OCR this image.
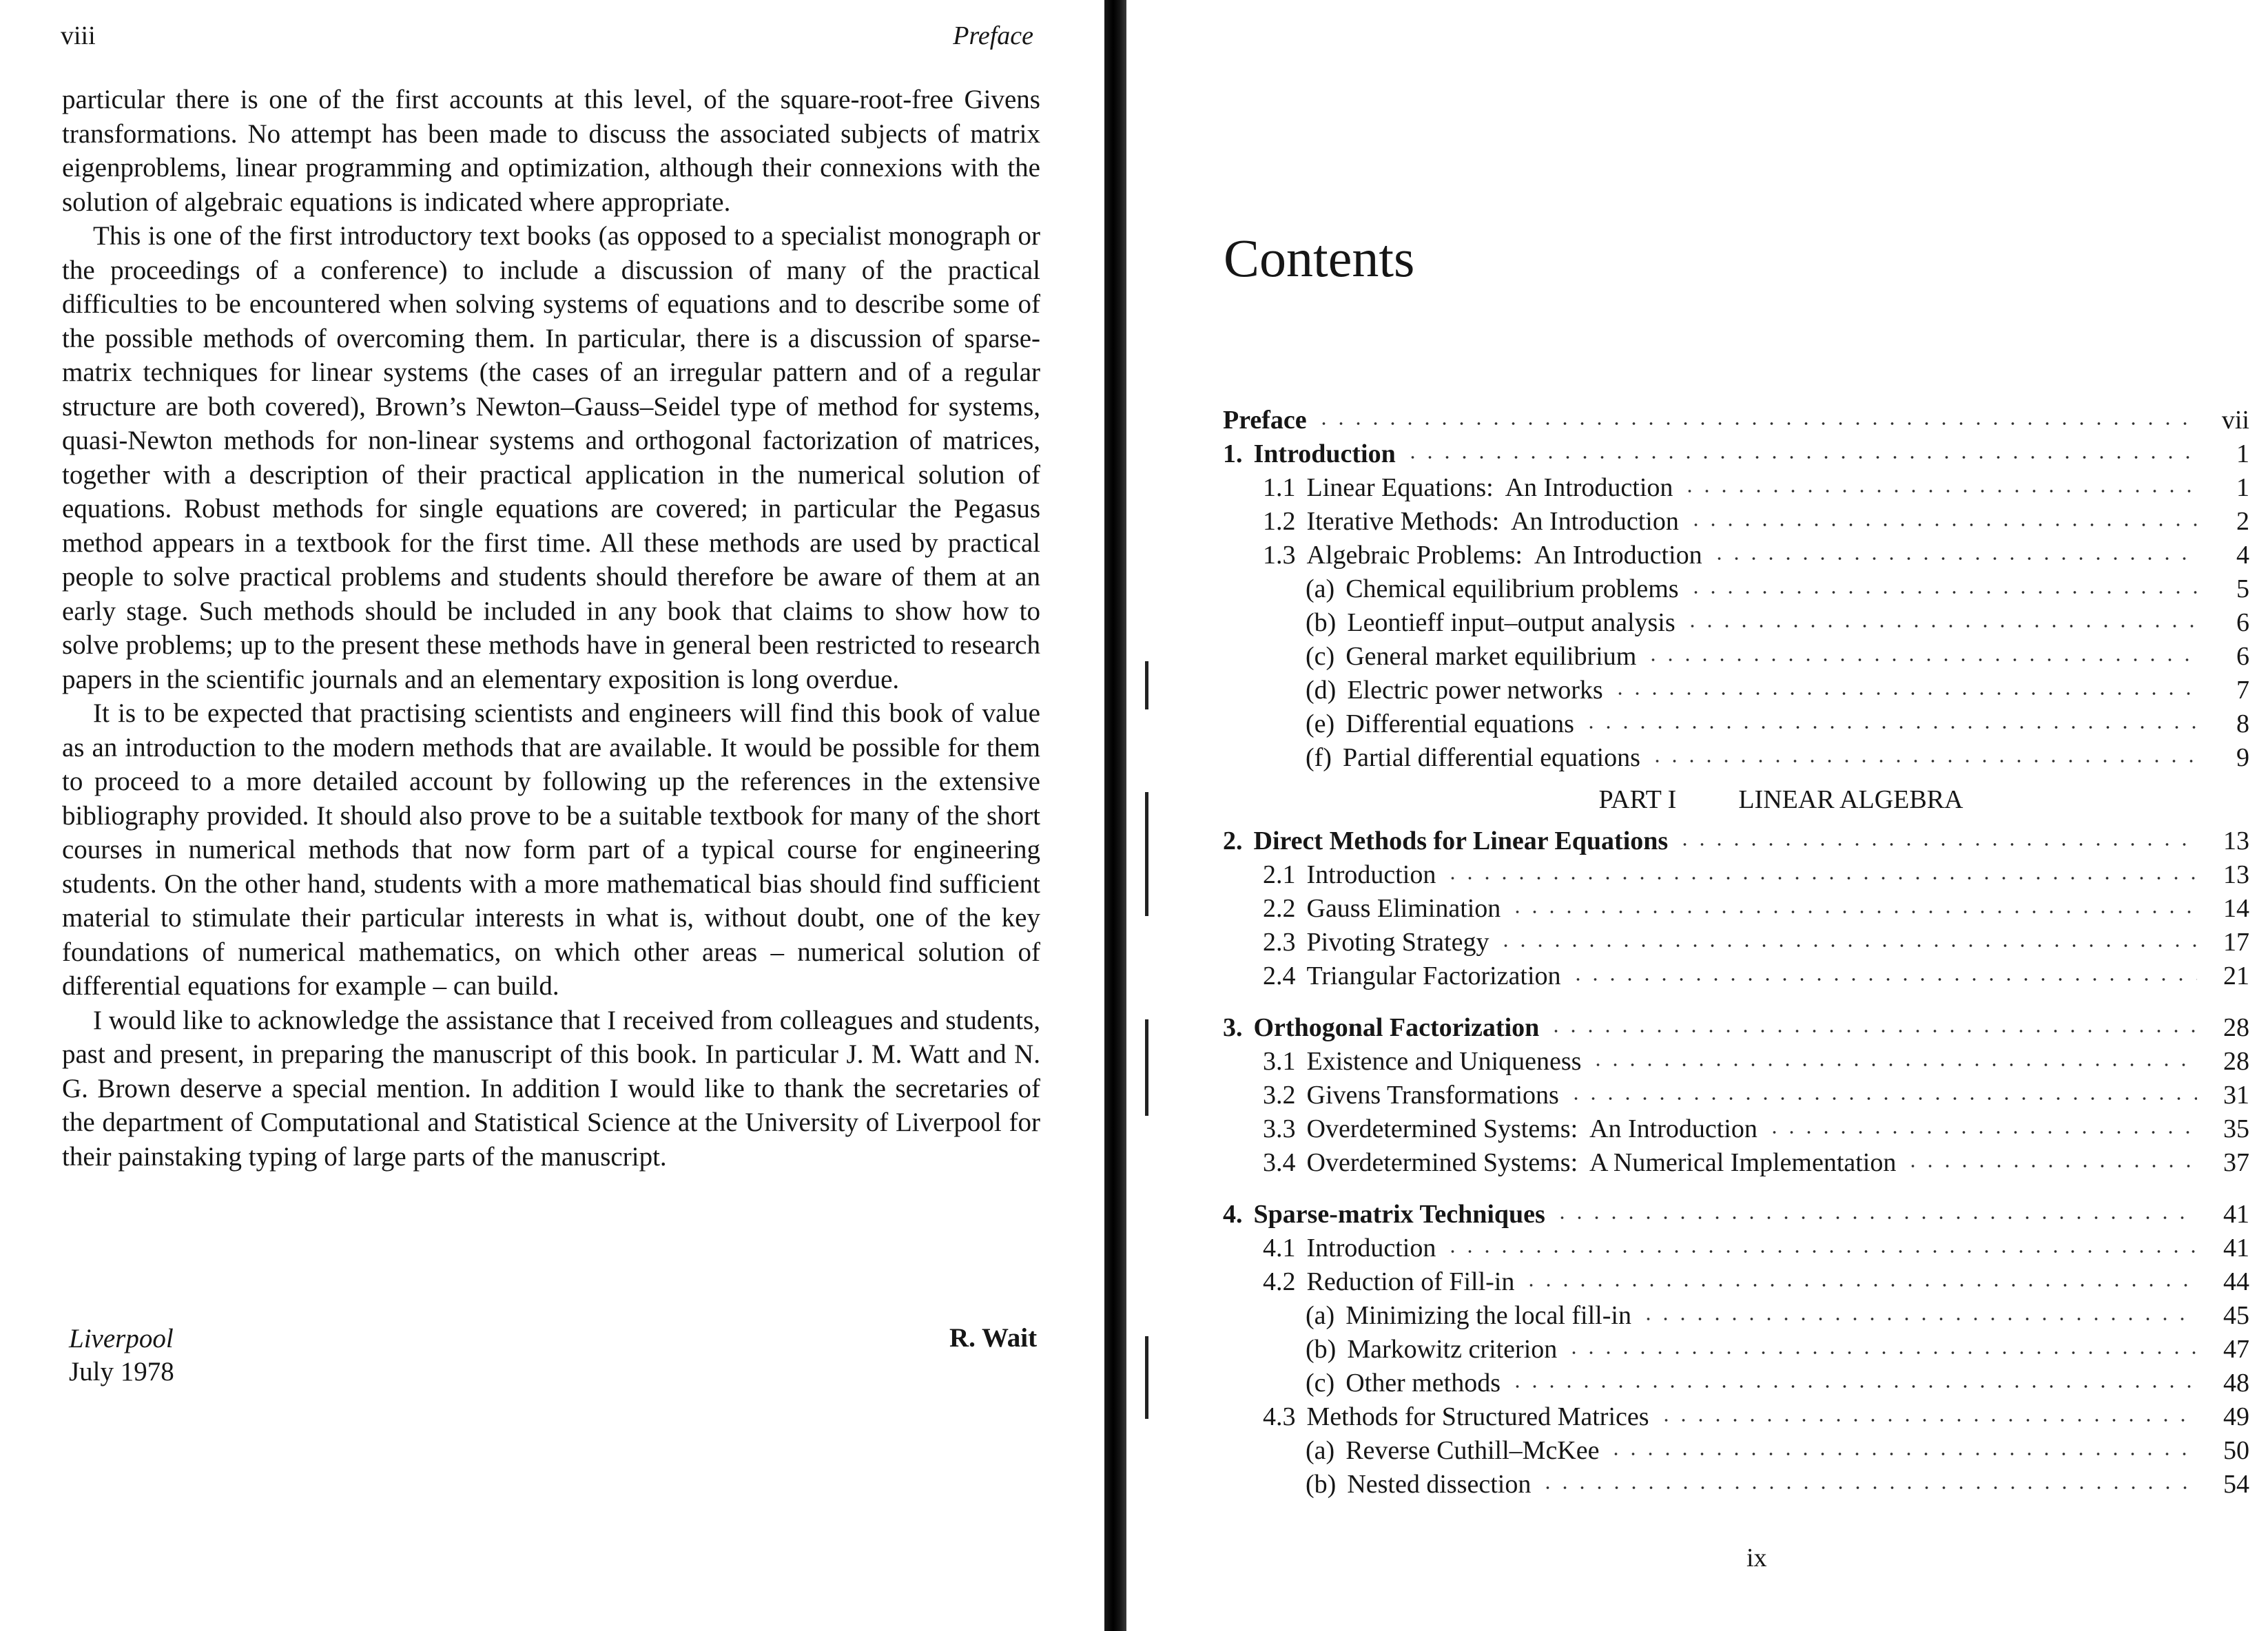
viii	Preface

particular there is one of the first accounts at this level, of the square-root-free Givens transformations. No attempt has been made to discuss the associated subjects of matrix eigenproblems, linear programming and optimization, although their connexions with the solution of algebraic equations is indicated where appropriate.

This is one of the first introductory text books (as opposed to a specialist monograph or the proceedings of a conference) to include a discussion of many of the practical difficulties to be encountered when solving systems of equations and to describe some of the possible methods of overcoming them. In particular, there is a discussion of sparse-matrix techniques for linear systems (the cases of an irregular pattern and of a regular structure are both covered), Brown’s Newton–Gauss–Seidel type of method for systems, quasi-Newton methods for non-linear systems and orthogonal factorization of matrices, together with a description of their practical application in the numerical solution of equations. Robust methods for single equations are covered; in particular the Pegasus method appears in a textbook for the first time. All these methods are used by practical people to solve practical problems and students should therefore be aware of them at an early stage. Such methods should be included in any book that claims to show how to solve problems; up to the present these methods have in general been restricted to research papers in the scientific journals and an elementary exposition is long overdue.

It is to be expected that practising scientists and engineers will find this book of value as an introduction to the modern methods that are available. It would be possible for them to proceed to a more detailed account by following up the references in the extensive bibliography provided. It should also prove to be a suitable textbook for many of the short courses in numerical methods that now form part of a typical course for engineering students. On the other hand, students with a more mathematical bias should find sufficient material to stimulate their particular interests in what is, without doubt, one of the key foundations of numerical mathematics, on which other areas – numerical solution of differential equations for example – can build.

I would like to acknowledge the assistance that I received from colleagues and students, past and present, in preparing the manuscript of this book. In particular J. M. Watt and N. G. Brown deserve a special mention. In addition I would like to thank the secretaries of the department of Computational and Statistical Science at the University of Liverpool for their painstaking typing of large parts of the manuscript.

Liverpool
July 1978
R. Wait
Contents
Preface	vii
1. Introduction	1
1.1 Linear Equations:  An Introduction	1
1.2 Iterative Methods:  An Introduction	2
1.3 Algebraic Problems:  An Introduction	4
(a) Chemical equilibrium problems	5
(b) Leontieff input–output analysis	6
(c) General market equilibrium	6
(d) Electric power networks	7
(e) Differential equations	8
(f) Partial differential equations	9
PART I LINEAR ALGEBRA
2. Direct Methods for Linear Equations	13
2.1 Introduction	13
2.2 Gauss Elimination	14
2.3 Pivoting Strategy	17
2.4 Triangular Factorization	21
3. Orthogonal Factorization	28
3.1 Existence and Uniqueness	28
3.2 Givens Transformations	31
3.3 Overdetermined Systems:  An Introduction	35
3.4 Overdetermined Systems:  A Numerical Implementation	37
4. Sparse-matrix Techniques	41
4.1 Introduction	41
4.2 Reduction of Fill-in	44
(a) Minimizing the local fill-in	45
(b) Markowitz criterion	47
(c) Other methods	48
4.3 Methods for Structured Matrices	49
(a) Reverse Cuthill–McKee	50
(b) Nested dissection	54
ix
